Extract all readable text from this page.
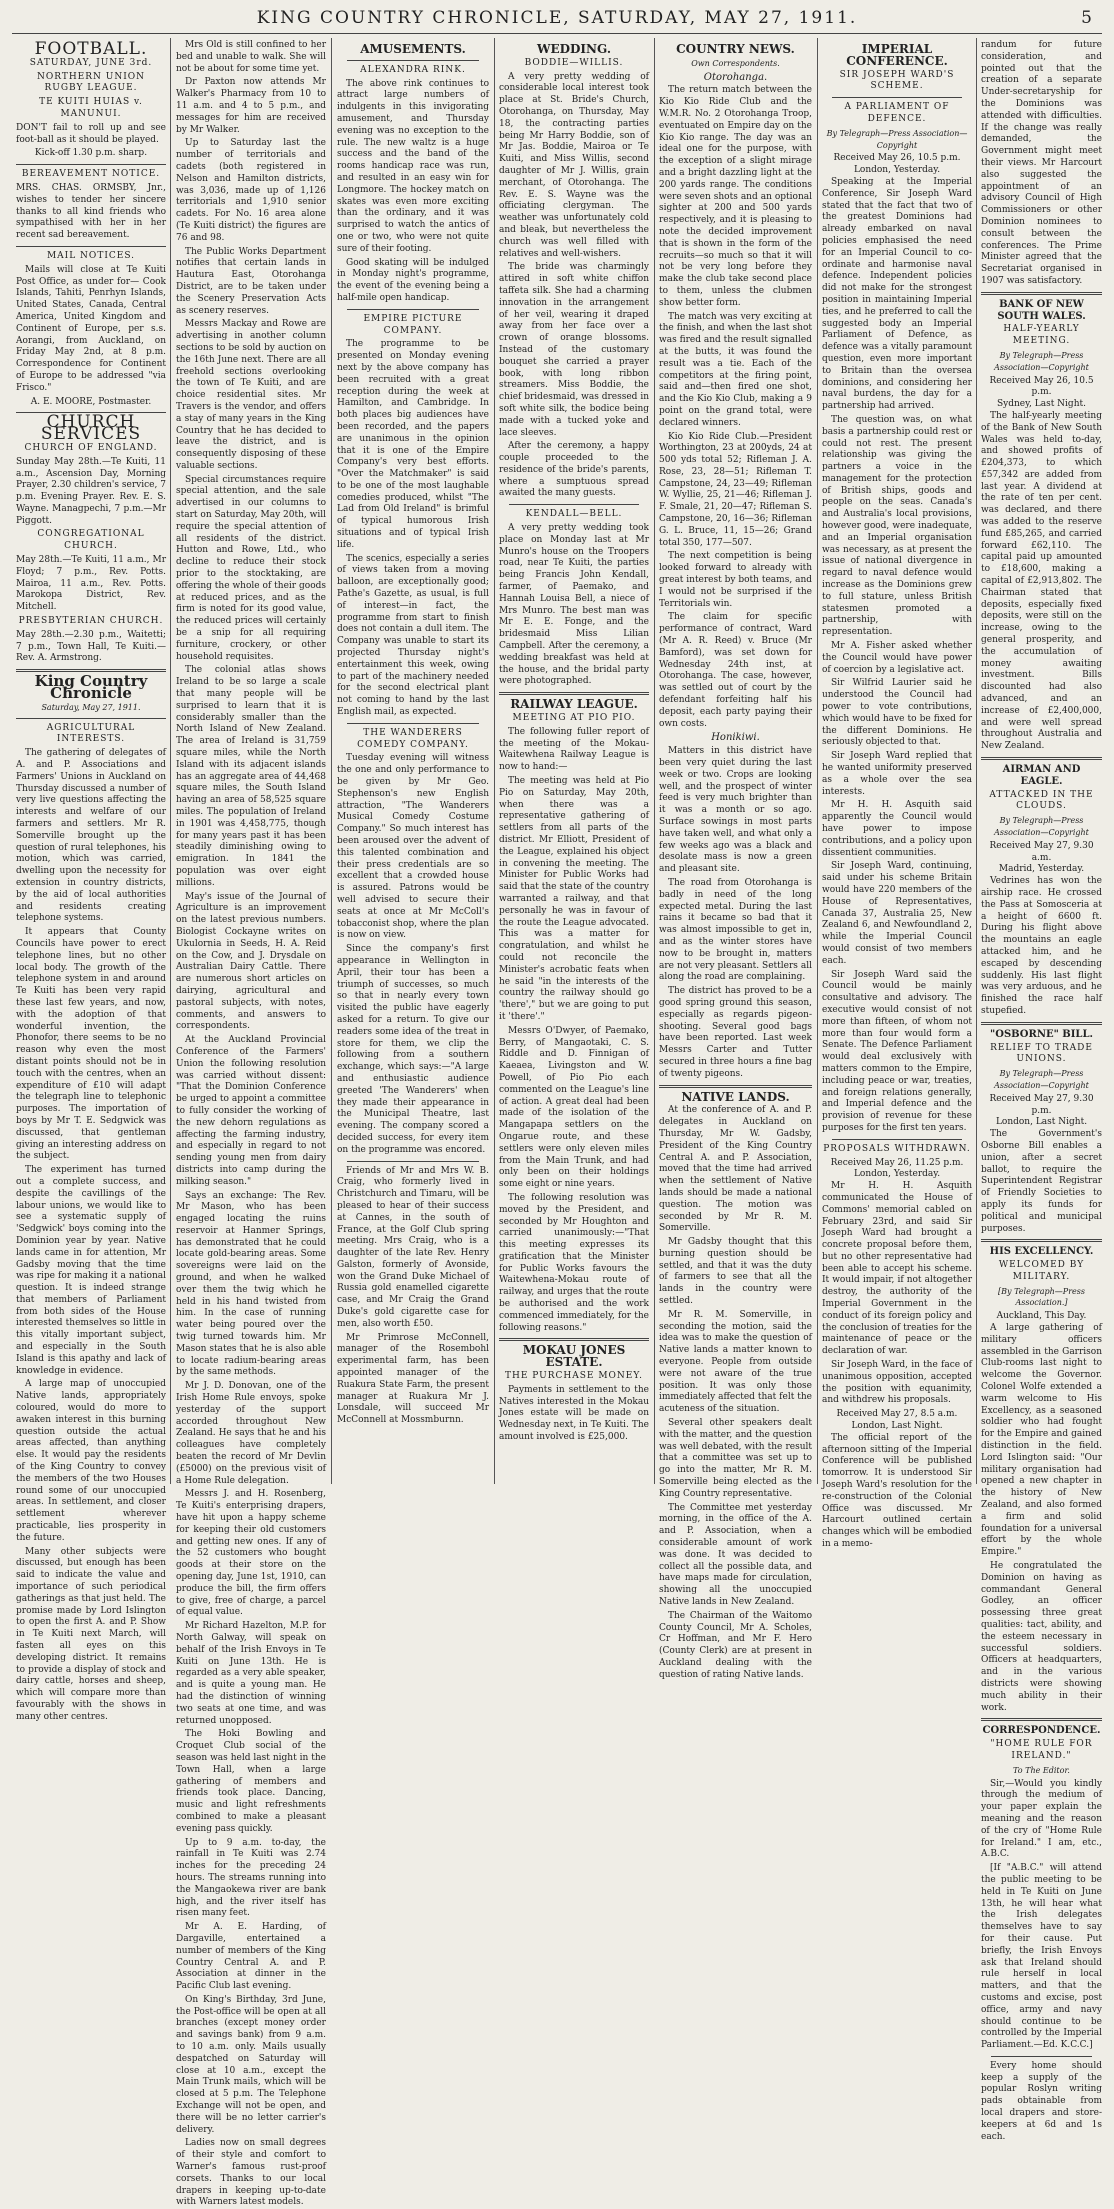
KING COUNTRY CHRONICLE, SATURDAY, MAY 27, 1911.	5
FOOTBALL.
SATURDAY, JUNE 3rd.
NORTHERN UNION RUGBY LEAGUE.
TE KUITI HUIAS v. MANUNUI.

DON'T fail to roll up and see foot-ball as it should be played.

Kick-off 1.30 p.m. sharp.
BEREAVEMENT NOTICE.

MRS. CHAS. ORMSBY, Jnr., wishes to tender her sincere thanks to all kind friends who sympathised with her in her recent sad bereavement.

MAIL NOTICES.

Mails will close at Te Kuiti Post Office, as under for— Cook Islands, Tahiti, Penrhyn Islands, United States, Canada, Central America, United Kingdom and Continent of Europe, per s.s. Aorangi, from Auckland, on Friday May 2nd, at 8 p.m. Correspondence for Continent of Europe to be addressed "via Frisco."

A. E. MOORE, Postmaster.
CHURCH SERVICES
CHURCH OF ENGLAND.

Sunday May 28th.—Te Kuiti, 11 a.m., Ascension Day, Morning Prayer, 2.30 children's service, 7 p.m. Evening Prayer. Rev. E. S. Wayne. Managpechi, 7 p.m.—Mr Piggott.

CONGREGATIONAL CHURCH.

May 28th.—Te Kuiti, 11 a.m., Mr Floyd; 7 p.m., Rev. Potts. Mairoa, 11 a.m., Rev. Potts. Marokopa District, Rev. Mitchell.

PRESBYTERIAN CHURCH.

May 28th.—2.30 p.m., Waitetti; 7 p.m., Town Hall, Te Kuiti.—Rev. A. Armstrong.

King Country Chronicle
Saturday, May 27, 1911.
AGRICULTURAL INTERESTS.

The gathering of delegates of A. and P. Associations and Farmers' Unions in Auckland on Thursday discussed a number of very live questions affecting the interests and welfare of our farmers and settlers. Mr R. Somerville brought up the question of rural telephones, his motion, which was carried, dwelling upon the necessity for extension in country districts, by the aid of local authorities and residents creating telephone systems.

It appears that County Councils have power to erect telephone lines, but no other local body. The growth of the telephone system in and around Te Kuiti has been very rapid these last few years, and now, with the adoption of that wonderful invention, the Phonofor, there seems to be no reason why even the most distant points should not be in touch with the centres, when an expenditure of £10 will adapt the telegraph line to telephonic purposes. The importation of boys by Mr T. E. Sedgwick was discussed, that gentleman giving an interesting address on the subject.

The experiment has turned out a complete success, and despite the cavillings of the labour unions, we would like to see a systematic supply of 'Sedgwick' boys coming into the Dominion year by year. Native lands came in for attention, Mr Gadsby moving that the time was ripe for making it a national question. It is indeed strange that members of Parliament from both sides of the House interested themselves so little in this vitally important subject, and especially in the South Island is this apathy and lack of knowledge in evidence.

A large map of unoccupied Native lands, appropriately coloured, would do more to awaken interest in this burning question outside the actual areas affected, than anything else. It would pay the residents of the King Country to convey the members of the two Houses round some of our unoccupied areas. In settlement, and closer settlement wherever practicable, lies prosperity in the future.

Many other subjects were discussed, but enough has been said to indicate the value and importance of such periodical gatherings as that just held. The promise made by Lord Islington to open the first A. and P. Show in Te Kuiti next March, will fasten all eyes on this developing district. It remains to provide a display of stock and dairy cattle, horses and sheep, which will compare more than favourably with the shows in many other centres.

Mrs Old is still confined to her bed and unable to walk. She will not be about for some time yet.

Dr Paxton now attends Mr Walker's Pharmacy from 10 to 11 a.m. and 4 to 5 p.m., and messages for him are received by Mr Walker.

Up to Saturday last the number of territorials and cadets (both registered in Nelson and Hamilton districts, was 3,036, made up of 1,126 territorials and 1,910 senior cadets. For No. 16 area alone (Te Kuiti district) the figures are 76 and 98.

The Public Works Department notifies that certain lands in Hautura East, Otorohanga District, are to be taken under the Scenery Preservation Acts as scenery reserves.

Messrs Mackay and Rowe are advertising in another column sections to be sold by auction on the 16th June next. There are all freehold sections overlooking the town of Te Kuiti, and are choice residential sites. Mr Travers is the vendor, and offers a stay of many years in the King Country that he has decided to leave the district, and is consequently disposing of these valuable sections.

Special circumstances require special attention, and the sale advertised in our columns to start on Saturday, May 20th, will require the special attention of all residents of the district. Hutton and Rowe, Ltd., who decline to reduce their stock prior to the stocktaking, are offering the whole of their goods at reduced prices, and as the firm is noted for its good value, the reduced prices will certainly be a snip for all requiring furniture, crockery, or other household requisites.

The colonial atlas shows Ireland to be so large a scale that many people will be surprised to learn that it is considerably smaller than the North Island of New Zealand. The area of Ireland is 31,759 square miles, while the North Island with its adjacent islands has an aggregate area of 44,468 square miles, the South Island having an area of 58,525 square miles. The population of Ireland in 1901 was 4,458,775, though for many years past it has been steadily diminishing owing to emigration. In 1841 the population was over eight millions.

May's issue of the Journal of Agriculture is an improvement on the latest previous numbers. Biologist Cockayne writes on Ukulornia in Seeds, H. A. Reid on the Cow, and J. Drysdale on Australian Dairy Cattle. There are numerous short articles on dairying, agricultural and pastoral subjects, with notes, comments, and answers to correspondents.

At the Auckland Provincial Conference of the Farmers' Union the following resolution was carried without dissent: "That the Dominion Conference be urged to appoint a committee to fully consider the working of the new dehorn regulations as affecting the farming industry, and especially in regard to not sending young men from dairy districts into camp during the milking season."

Says an exchange: The Rev. Mr Mason, who has been engaged locating the ruins reservoir at Hanmer Springs, has demonstrated that he could locate gold-bearing areas. Some sovereigns were laid on the ground, and when he walked over them the twig which he held in his hand twisted from him. In the case of running water being poured over the twig turned towards him. Mr Mason states that he is also able to locate radium-bearing areas by the same methods.

Mr J. D. Donovan, one of the Irish Home Rule envoys, spoke yesterday of the support accorded throughout New Zealand. He says that he and his colleagues have completely beaten the record of Mr Devlin (£5000) on the previous visit of a Home Rule delegation.

Messrs J. and H. Rosenberg, Te Kuiti's enterprising drapers, have hit upon a happy scheme for keeping their old customers and getting new ones. If any of the 52 customers who bought goods at their store on the opening day, June 1st, 1910, can produce the bill, the firm offers to give, free of charge, a parcel of equal value.

Mr Richard Hazelton, M.P. for North Galway, will speak on behalf of the Irish Envoys in Te Kuiti on June 13th. He is regarded as a very able speaker, and is quite a young man. He had the distinction of winning two seats at one time, and was returned unopposed.

The Hoki Bowling and Croquet Club social of the season was held last night in the Town Hall, when a large gathering of members and friends took place. Dancing, music and light refreshments combined to make a pleasant evening pass quickly.

Up to 9 a.m. to-day, the rainfall in Te Kuiti was 2.74 inches for the preceding 24 hours. The streams running into the Mangaokewa river are bank high, and the river itself has risen many feet.

Mr A. E. Harding, of Dargaville, entertained a number of members of the King Country Central A. and P. Association at dinner in the Pacific Club last evening.

On King's Birthday, 3rd June, the Post-office will be open at all branches (except money order and savings bank) from 9 a.m. to 10 a.m. only. Mails usually despatched on Saturday will close at 10 a.m., except the Main Trunk mails, which will be closed at 5 p.m. The Telephone Exchange will not be open, and there will be no letter carrier's delivery.

Ladies now on small degrees of their style and comfort to Warner's famous rust-proof corsets. Thanks to our local drapers in keeping up-to-date with Warners latest models.

AMUSEMENTS.
ALEXANDRA RINK.

The above rink continues to attract large numbers of indulgents in this invigorating amusement, and Thursday evening was no exception to the rule. The new waltz is a huge success and the band of the rooms handicap race was run, and resulted in an easy win for Longmore. The hockey match on skates was even more exciting than the ordinary, and it was surprised to watch the antics of one or two, who were not quite sure of their footing.

Good skating will be indulged in Monday night's programme, the event of the evening being a half-mile open handicap.

EMPIRE PICTURE COMPANY.

The programme to be presented on Monday evening next by the above company has been recruited with a great reception during the week at Hamilton, and Cambridge. In both places big audiences have been recorded, and the papers are unanimous in the opinion that it is one of the Empire Company's very best efforts. "Over the Matchmaker" is said to be one of the most laughable comedies produced, whilst "The Lad from Old Ireland" is brimful of typical humorous Irish situations and of typical Irish life.

The scenics, especially a series of views taken from a moving balloon, are exceptionally good; Pathe's Gazette, as usual, is full of interest—in fact, the programme from start to finish does not contain a dull item. The Company was unable to start its projected Thursday night's entertainment this week, owing to part of the machinery needed for the second electrical plant not coming to hand by the last English mail, as expected.

THE WANDERERS COMEDY COMPANY.

Tuesday evening will witness the one and only performance to be given by Mr Geo. Stephenson's new English attraction, "The Wanderers Musical Comedy Costume Company." So much interest has been aroused over the advent of this talented combination and their press credentials are so excellent that a crowded house is assured. Patrons would be well advised to secure their seats at once at Mr McColl's tobacconist shop, where the plan is now on view.

Since the company's first appearance in Wellington in April, their tour has been a triumph of successes, so much so that in nearly every town visited the public have eagerly asked for a return. To give our readers some idea of the treat in store for them, we clip the following from a southern exchange, which says:—"A large and enthusiastic audience greeted 'The Wanderers' when they made their appearance in the Municipal Theatre, last evening. The company scored a decided success, for every item on the programme was encored.

Friends of Mr and Mrs W. B. Craig, who formerly lived in Christchurch and Timaru, will be pleased to hear of their success at Cannes, in the south of France, at the Golf Club spring meeting. Mrs Craig, who is a daughter of the late Rev. Henry Galston, formerly of Avonside, won the Grand Duke Michael of Russia gold enamelled cigarette case, and Mr Craig the Grand Duke's gold cigarette case for men, also worth £50.

Mr Primrose McConnell, manager of the Rosembohl experimental farm, has been appointed manager of the Ruakura State Farm, the present manager at Ruakura Mr J. Lonsdale, will succeed Mr McConnell at Mossmburnn.

WEDDING.
BODDIE—WILLIS.

A very pretty wedding of considerable local interest took place at St. Bride's Church, Otorohanga, on Thursday, May 18, the contracting parties being Mr Harry Boddie, son of Mr Jas. Boddie, Mairoa or Te Kuiti, and Miss Willis, second daughter of Mr J. Willis, grain merchant, of Otorohanga. The Rev. E. S. Wayne was the officiating clergyman. The weather was unfortunately cold and bleak, but nevertheless the church was well filled with relatives and well-wishers.

The bride was charmingly attired in soft white chiffon taffeta silk. She had a charming innovation in the arrangement of her veil, wearing it draped away from her face over a crown of orange blossoms. Instead of the customary bouquet she carried a prayer book, with long ribbon streamers. Miss Boddie, the chief bridesmaid, was dressed in soft white silk, the bodice being made with a tucked yoke and lace sleeves.

After the ceremony, a happy couple proceeded to the residence of the bride's parents, where a sumptuous spread awaited the many guests.

KENDALL—BELL.

A very pretty wedding took place on Monday last at Mr Munro's house on the Troopers road, near Te Kuiti, the parties being Francis John Kendall, farmer, of Paemako, and Hannah Louisa Bell, a niece of Mrs Munro. The best man was Mr E. E. Fonge, and the bridesmaid Miss Lilian Campbell. After the ceremony, a wedding breakfast was held at the house, and the bridal party were photographed.

RAILWAY LEAGUE.
MEETING AT PIO PIO.

The following fuller report of the meeting of the Mokau-Waitewhena Railway League is now to hand:—

The meeting was held at Pio Pio on Saturday, May 20th, when there was a representative gathering of settlers from all parts of the district. Mr Elliott, President of the League, explained his object in convening the meeting. The Minister for Public Works had said that the state of the country warranted a railway, and that personally he was in favour of the route the League advocated. This was a matter for congratulation, and whilst he could not reconcile the Minister's acrobatic feats when he said "in the interests of the country the railway should go 'there'," but we are going to put it 'there'."

Messrs O'Dwyer, of Paemako, Berry, of Mangaotaki, C. S. Riddle and D. Finnigan of Kaeaea, Livingston and W. Powell, of Pio Pio each commented on the League's line of action. A great deal had been made of the isolation of the Mangapapa settlers on the Ongarue route, and these settlers were only eleven miles from the Main Trunk, and had only been on their holdings some eight or nine years.

The following resolution was moved by the President, and seconded by Mr Houghton and carried unanimously:—"That this meeting expresses its gratification that the Minister for Public Works favours the Waitewhena-Mokau route of railway, and urges that the route be authorised and the work commenced immediately, for the following reasons."

MOKAU JONES ESTATE.
THE PURCHASE MONEY.

Payments in settlement to the Natives interested in the Mokau Jones estate will be made on Wednesday next, in Te Kuiti. The amount involved is £25,000.

COUNTRY NEWS.
Own Correspondents.
Otorohanga.

The return match between the Kio Kio Ride Club and the W.M.R. No. 2 Otorohanga Troop, eventuated on Empire day on the Kio Kio range. The day was an ideal one for the purpose, with the exception of a slight mirage and a bright dazzling light at the 200 yards range. The conditions were seven shots and an optional sighter at 200 and 500 yards respectively, and it is pleasing to note the decided improvement that is shown in the form of the recruits—so much so that it will not be very long before they make the club take second place to them, unless the clubmen show better form.

The match was very exciting at the finish, and when the last shot was fired and the result signalled at the butts, it was found the result was a tie. Each of the competitors at the firing point, said and—then fired one shot, and the Kio Kio Club, making a 9 point on the grand total, were declared winners.

Kio Kio Ride Club.—President Worthington, 23 at 200yds, 24 at 500 yds total 52; Rifleman J. A. Rose, 23, 28—51; Rifleman T. Campstone, 24, 23—49; Rifleman W. Wyllie, 25, 21—46; Rifleman J. F. Smale, 21, 20—47; Rifleman S. Campstone, 20, 16—36; Rifleman G. L. Bruce, 11, 15—26; Grand total 350, 177—507.

The next competition is being looked forward to already with great interest by both teams, and I would not be surprised if the Territorials win.

The claim for specific performance of contract, Ward (Mr A. R. Reed) v. Bruce (Mr Bamford), was set down for Wednesday 24th inst, at Otorohanga. The case, however, was settled out of court by the defendant forfeiting half his deposit, each party paying their own costs.

Honikiwi.

Matters in this district have been very quiet during the last week or two. Crops are looking well, and the prospect of winter feed is very much brighter than it was a month or so ago. Surface sowings in most parts have taken well, and what only a few weeks ago was a black and desolate mass is now a green and pleasant site.

The road from Otorohanga is badly in need of the long expected metal. During the last rains it became so bad that it was almost impossible to get in, and as the winter stores have now to be brought in, matters are not very pleasant. Settlers all along the road are complaining.

The district has proved to be a good spring ground this season, especially as regards pigeon-shooting. Several good bags have been reported. Last week Messrs Carter and Tutter secured in three hours a fine bag of twenty pigeons.

NATIVE LANDS.

At the conference of A. and P. delegates in Auckland on Thursday, Mr W. Gadsby, President of the King Country Central A. and P. Association, moved that the time had arrived when the settlement of Native lands should be made a national question. The motion was seconded by Mr R. M. Somerville.

Mr Gadsby thought that this burning question should be settled, and that it was the duty of farmers to see that all the lands in the country were settled.

Mr R. M. Somerville, in seconding the motion, said the idea was to make the question of Native lands a matter known to everyone. People from outside were not aware of the true position. It was only those immediately affected that felt the acuteness of the situation.

Several other speakers dealt with the matter, and the question was well debated, with the result that a committee was set up to go into the matter, Mr R. M. Somerville being elected as the King Country representative.

The Committee met yesterday morning, in the office of the A. and P. Association, when a considerable amount of work was done. It was decided to collect all the possible data, and have maps made for circulation, showing all the unoccupied Native lands in New Zealand.

The Chairman of the Waitomo County Council, Mr A. Scholes, Cr Hoffman, and Mr F. Hero (County Clerk) are at present in Auckland dealing with the question of rating Native lands.

IMPERIAL CONFERENCE.
SIR JOSEPH WARD'S SCHEME.
A PARLIAMENT OF DEFENCE.
By Telegraph—Press Association—Copyright
Received May 26, 10.5 p.m.
London, Yesterday.

Speaking at the Imperial Conference, Sir Joseph Ward stated that the fact that two of the greatest Dominions had already embarked on naval policies emphasised the need for an Imperial Council to co-ordinate and harmonise naval defence. Independent policies did not make for the strongest position in maintaining Imperial ties, and he preferred to call the suggested body an Imperial Parliament of Defence, as defence was a vitally paramount question, even more important to Britain than the oversea dominions, and considering her naval burdens, the day for a partnership had arrived.

The question was, on what basis a partnership could rest or could not rest. The present relationship was giving the partners a voice in the management for the protection of British ships, goods and people on the seas. Canada's and Australia's local provisions, however good, were inadequate, and an Imperial organisation was necessary, as at present the issue of national divergence in regard to naval defence would increase as the Dominions grew to full stature, unless British statesmen promoted a partnership, with representation.

Mr A. Fisher asked whether the Council would have power of coercion by a legislative act.

Sir Wilfrid Laurier said he understood the Council had power to vote contributions, which would have to be fixed for the different Dominions. He seriously objected to that.

Sir Joseph Ward replied that he wanted uniformity preserved as a whole over the sea interests.

Mr H. H. Asquith said apparently the Council would have power to impose contributions, and a policy upon dissentient communities.

Sir Joseph Ward, continuing, said under his scheme Britain would have 220 members of the House of Representatives, Canada 37, Australia 25, New Zealand 6, and Newfoundland 2, while the Imperial Council would consist of two members each.

Sir Joseph Ward said the Council would be mainly consultative and advisory. The executive would consist of not more than fifteen, of whom not more than four would form a Senate. The Defence Parliament would deal exclusively with matters common to the Empire, including peace or war, treaties, and foreign relations generally, and Imperial defence and the provision of revenue for these purposes for the first ten years.

PROPOSALS WITHDRAWN.
Received May 26, 11.25 p.m.
London, Yesterday.

Mr H. H. Asquith communicated the House of Commons' memorial cabled on February 23rd, and said Sir Joseph Ward had brought a concrete proposal before them, but no other representative had been able to accept his scheme. It would impair, if not altogether destroy, the authority of the Imperial Government in the conduct of its foreign policy and the conclusion of treaties for the maintenance of peace or the declaration of war.

Sir Joseph Ward, in the face of unanimous opposition, accepted the position with equanimity, and withdrew his proposals.

Received May 27, 8.5 a.m.
London, Last Night.

The official report of the afternoon sitting of the Imperial Conference will be published tomorrow. It is understood Sir Joseph Ward's resolution for the re-construction of the Colonial Office was discussed. Mr Harcourt outlined certain changes which will be embodied in a memo-

randum for future consideration, and pointed out that the creation of a separate Under-secretaryship for the Dominions was attended with difficulties. If the change was really demanded, the Government might meet their views. Mr Harcourt also suggested the appointment of an advisory Council of High Commissioners or other Dominion nominees to consult between the conferences. The Prime Minister agreed that the Secretariat organised in 1907 was satisfactory.

BANK OF NEW SOUTH WALES.
HALF-YEARLY MEETING.
By Telegraph—Press Association—Copyright
Received May 26, 10.5 p.m.
Sydney, Last Night.

The half-yearly meeting of the Bank of New South Wales was held to-day, and showed profits of £204,373, to which £57,342 are added from last year. A dividend at the rate of ten per cent. was declared, and there was added to the reserve fund £85,265, and carried forward £62,110. The capital paid up amounted to £18,600, making a capital of £2,913,802. The Chairman stated that deposits, especially fixed deposits, were still on the increase, owing to the general prosperity, and the accumulation of money awaiting investment. Bills discounted had also advanced, and an increase of £2,400,000, and were well spread throughout Australia and New Zealand.

AIRMAN AND EAGLE.
ATTACKED IN THE CLOUDS.
By Telegraph—Press Association—Copyright
Received May 27, 9.30 a.m.
Madrid, Yesterday.

Vedrines has won the airship race. He crossed the Pass at Somosceria at a height of 6600 ft. During his flight above the mountains an eagle attacked him, and he escaped by descending suddenly. His last flight was very arduous, and he finished the race half stupefied.

"OSBORNE" BILL.
RELIEF TO TRADE UNIONS.
By Telegraph—Press Association—Copyright
Received May 27, 9.30 p.m.
London, Last Night.

The Government's Osborne Bill enables a union, after a secret ballot, to require the Superintendent Registrar of Friendly Societies to apply its funds for political and municipal purposes.

HIS EXCELLENCY.
WELCOMED BY MILITARY.
[By Telegraph—Press Association.]
Auckland, This Day.

A large gathering of military officers assembled in the Garrison Club-rooms last night to welcome the Governor. Colonel Wolfe extended a warm welcome to His Excellency, as a seasoned soldier who had fought for the Empire and gained distinction in the field. Lord Islington said: "Our military organisation had opened a new chapter in the history of New Zealand, and also formed a firm and solid foundation for a universal effort by the whole Empire."

He congratulated the Dominion on having as commandant General Godley, an officer possessing three great qualities: tact, ability, and the esteem necessary in successful soldiers. Officers at headquarters, and in the various districts were showing much ability in their work.

CORRESPONDENCE.
"HOME RULE FOR IRELAND."
To The Editor.

Sir,—Would you kindly through the medium of your paper explain the meaning and the reason of the cry of "Home Rule for Ireland." I am, etc., A.B.C.

[If "A.B.C." will attend the public meeting to be held in Te Kuiti on June 13th, he will hear what the Irish delegates themselves have to say for their cause. Put briefly, the Irish Envoys ask that Ireland should rule herself in local matters, and that the customs and excise, post office, army and navy should continue to be controlled by the Imperial Parliament.—Ed. K.C.C.]

Every home should keep a supply of the popular Roslyn writing pads obtainable from local drapers and store-keepers at 6d and 1s each.
